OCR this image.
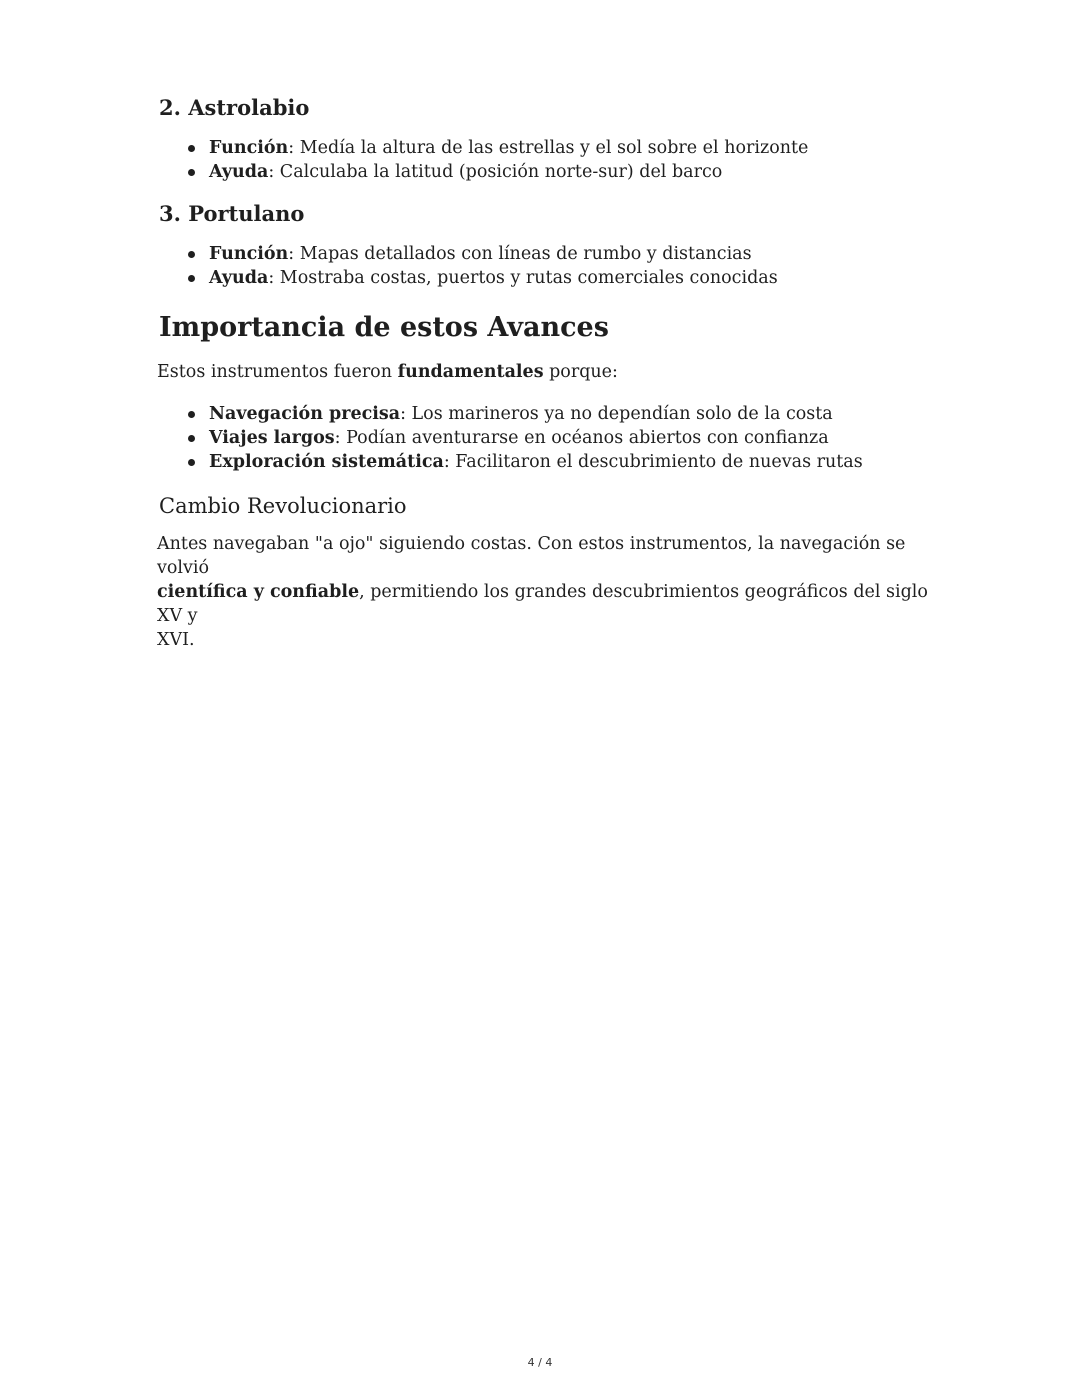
2. Astrolabio
Función: Medía la altura de las estrellas y el sol sobre el horizonte
Ayuda: Calculaba la latitud (posición norte-sur) del barco
3. Portulano
Función: Mapas detallados con líneas de rumbo y distancias
Ayuda: Mostraba costas, puertos y rutas comerciales conocidas
Importancia de estos Avances

Estos instrumentos fueron fundamentales porque:

Navegación precisa: Los marineros ya no dependían solo de la costa
Viajes largos: Podían aventurarse en océanos abiertos con confianza
Exploración sistemática: Facilitaron el descubrimiento de nuevas rutas
Cambio Revolucionario

Antes navegaban "a ojo" siguiendo costas. Con estos instrumentos, la navegación se volvió
científica y confiable, permitiendo los grandes descubrimientos geográficos del siglo XV y
XVI.

4 / 4
